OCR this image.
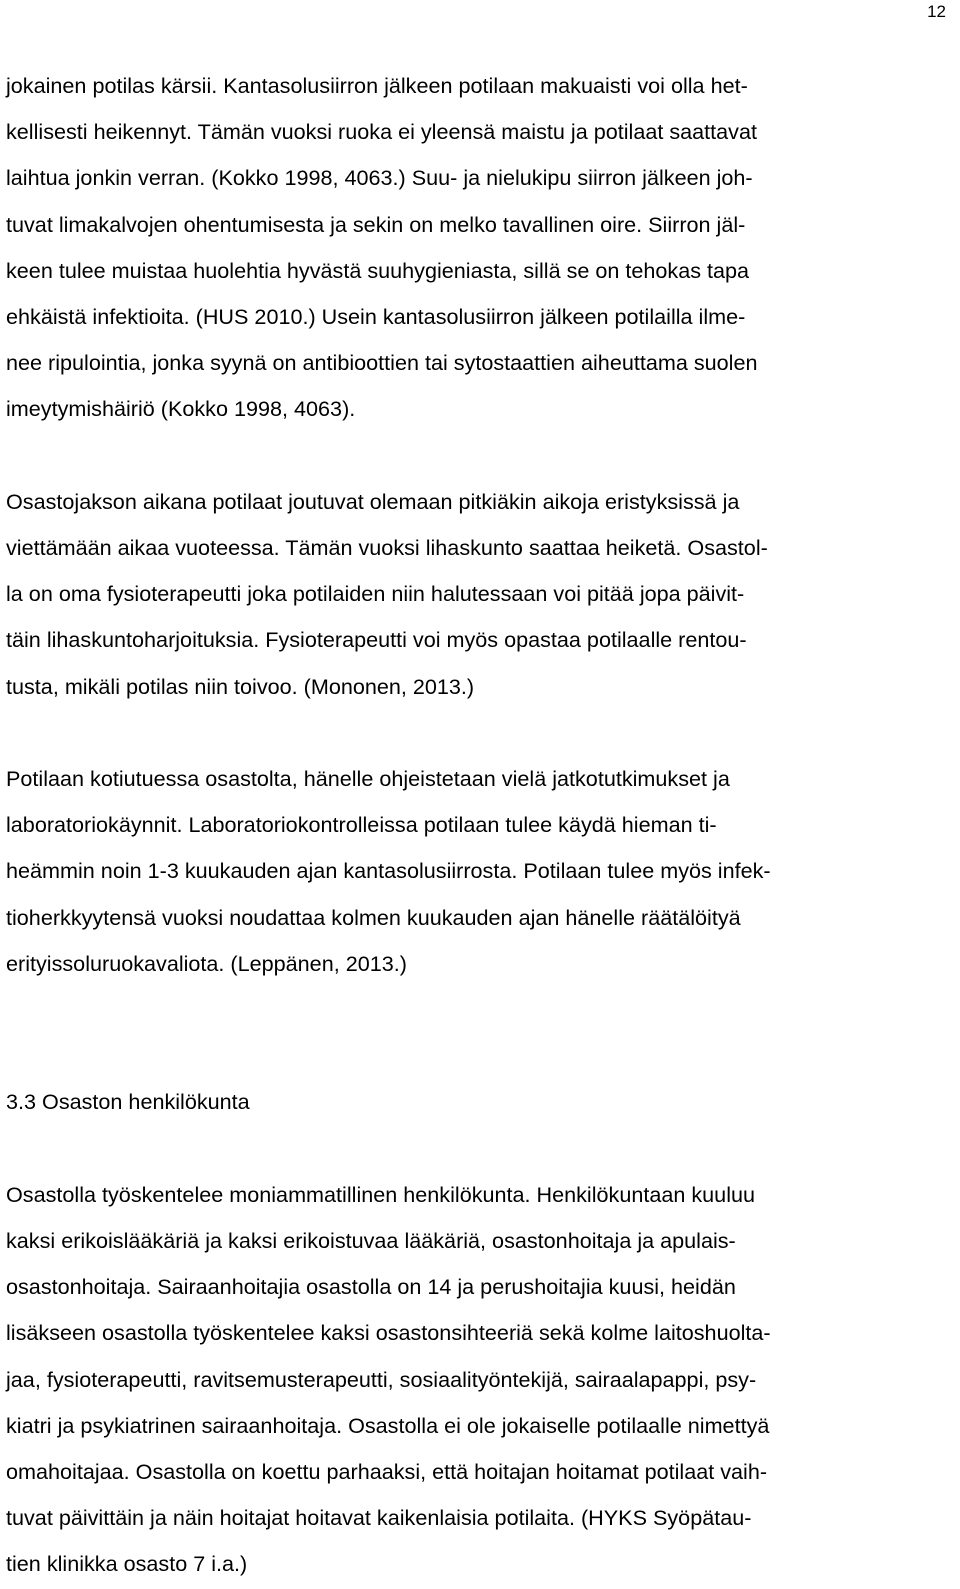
12

jokainen potilas kärsii. Kantasolusiirron jälkeen potilaan makuaisti voi olla het-

kellisesti heikennyt. Tämän vuoksi ruoka ei yleensä maistu ja potilaat saattavat

laihtua jonkin verran. (Kokko 1998, 4063.) Suu- ja nielukipu siirron jälkeen joh-

tuvat limakalvojen ohentumisesta ja sekin on melko tavallinen oire. Siirron jäl-

keen tulee muistaa huolehtia hyvästä suuhygieniasta, sillä se on tehokas tapa

ehkäistä infektioita. (HUS 2010.) Usein kantasolusiirron jälkeen potilailla ilme-

nee ripulointia, jonka syynä on antibioottien tai sytostaattien aiheuttama suolen

imeytymishäiriö (Kokko 1998, 4063).

Osastojakson aikana potilaat joutuvat olemaan pitkiäkin aikoja eristyksissä ja

viettämään aikaa vuoteessa. Tämän vuoksi lihaskunto saattaa heiketä. Osastol-

la on oma fysioterapeutti joka potilaiden niin halutessaan voi pitää jopa päivit-

täin lihaskuntoharjoituksia. Fysioterapeutti voi myös opastaa potilaalle rentou-

tusta, mikäli potilas niin toivoo. (Mononen, 2013.)

Potilaan kotiutuessa osastolta, hänelle ohjeistetaan vielä jatkotutkimukset ja

laboratoriokäynnit. Laboratoriokontrolleissa potilaan tulee käydä hieman ti-

heämmin noin 1-3 kuukauden ajan kantasolusiirrosta. Potilaan tulee myös infek-

tioherkkyytensä vuoksi noudattaa kolmen kuukauden ajan hänelle räätälöityä

erityissoluruokavaliota. (Leppänen, 2013.)

3.3 Osaston henkilökunta

Osastolla työskentelee moniammatillinen henkilökunta. Henkilökuntaan kuuluu

kaksi erikoislääkäriä ja kaksi erikoistuvaa lääkäriä, osastonhoitaja ja apulais-

osastonhoitaja. Sairaanhoitajia osastolla on 14 ja perushoitajia kuusi, heidän

lisäkseen osastolla työskentelee kaksi osastonsihteeriä sekä kolme laitoshuolta-

jaa, fysioterapeutti, ravitsemusterapeutti, sosiaalityöntekijä, sairaalapappi, psy-

kiatri ja psykiatrinen sairaanhoitaja. Osastolla ei ole jokaiselle potilaalle nimettyä

omahoitajaa. Osastolla on koettu parhaaksi, että hoitajan hoitamat potilaat vaih-

tuvat päivittäin ja näin hoitajat hoitavat kaikenlaisia potilaita. (HYKS Syöpätau-

tien klinikka osasto 7 i.a.)
